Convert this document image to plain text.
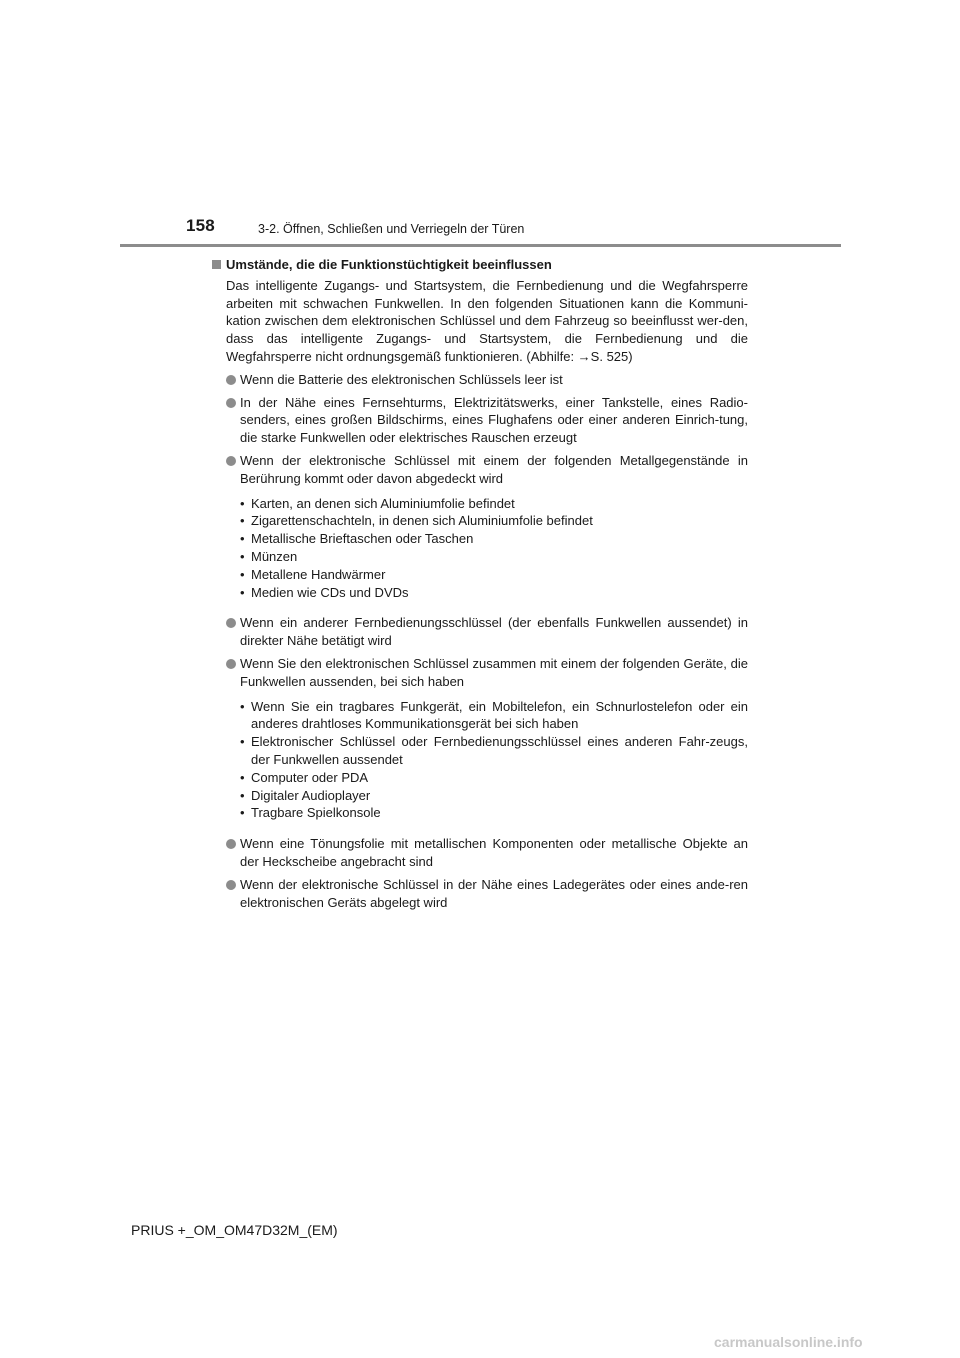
158	3-2. Öffnen, Schließen und Verriegeln der Türen
Umstände, die die Funktionstüchtigkeit beeinflussen
Das intelligente Zugangs- und Startsystem, die Fernbedienung und die Wegfahrsperre arbeiten mit schwachen Funkwellen. In den folgenden Situationen kann die Kommuni-kation zwischen dem elektronischen Schlüssel und dem Fahrzeug so beeinflusst wer-den, dass das intelligente Zugangs- und Startsystem, die Fernbedienung und die Wegfahrsperre nicht ordnungsgemäß funktionieren. (Abhilfe: →S. 525)
Wenn die Batterie des elektronischen Schlüssels leer ist
In der Nähe eines Fernsehturms, Elektrizitätswerks, einer Tankstelle, eines Radio-senders, eines großen Bildschirms, eines Flughafens oder einer anderen Einrich-tung, die starke Funkwellen oder elektrisches Rauschen erzeugt
Wenn der elektronische Schlüssel mit einem der folgenden Metallgegenstände in Berührung kommt oder davon abgedeckt wird
• Karten, an denen sich Aluminiumfolie befindet
• Zigarettenschachteln, in denen sich Aluminiumfolie befindet
• Metallische Brieftaschen oder Taschen
• Münzen
• Metallene Handwärmer
• Medien wie CDs und DVDs
Wenn ein anderer Fernbedienungsschlüssel (der ebenfalls Funkwellen aussendet) in direkter Nähe betätigt wird
Wenn Sie den elektronischen Schlüssel zusammen mit einem der folgenden Geräte, die Funkwellen aussenden, bei sich haben
• Wenn Sie ein tragbares Funkgerät, ein Mobiltelefon, ein Schnurlostelefon oder ein anderes drahtloses Kommunikationsgerät bei sich haben
• Elektronischer Schlüssel oder Fernbedienungsschlüssel eines anderen Fahr-zeugs, der Funkwellen aussendet
• Computer oder PDA
• Digitaler Audioplayer
• Tragbare Spielkonsole
Wenn eine Tönungsfolie mit metallischen Komponenten oder metallische Objekte an der Heckscheibe angebracht sind
Wenn der elektronische Schlüssel in der Nähe eines Ladegerätes oder eines ande-ren elektronischen Geräts abgelegt wird
PRIUS +_OM_OM47D32M_(EM)
carmanualsonline.info
